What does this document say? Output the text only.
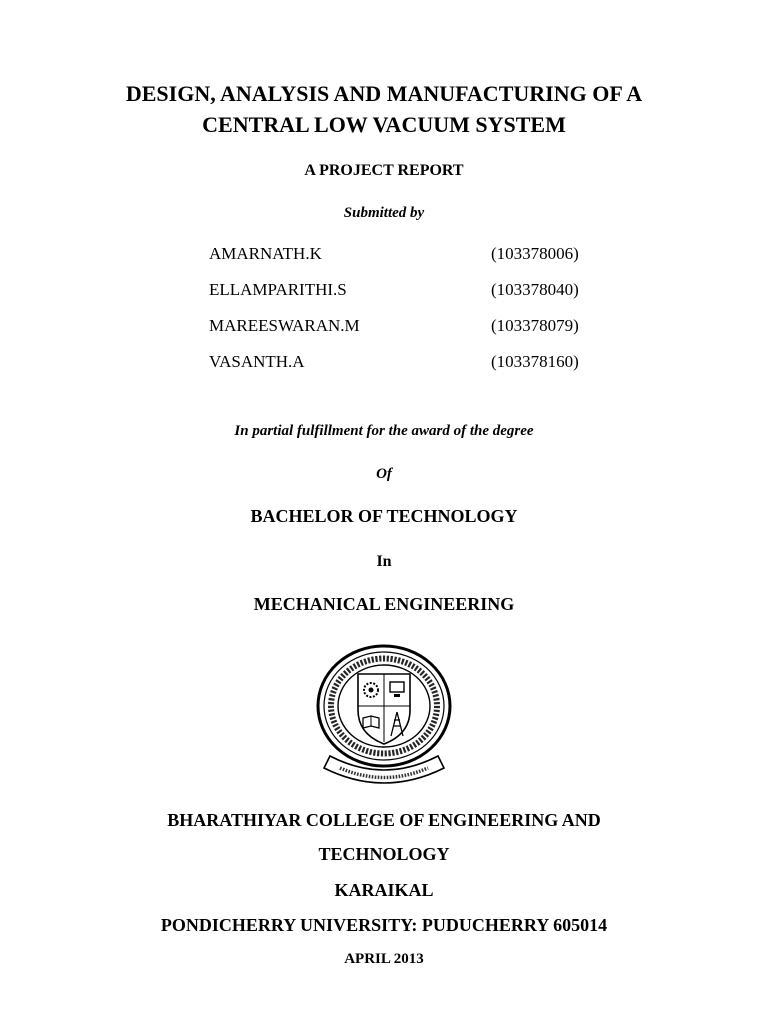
DESIGN, ANALYSIS AND MANUFACTURING OF A
CENTRAL LOW VACUUM SYSTEM
A PROJECT REPORT
Submitted by
AMARNATH.K	(103378006)
ELLAMPARITHI.S	(103378040)
MAREESWARAN.M	(103378079)
VASANTH.A	(103378160)
In partial fulfillment for the award of the degree
Of
BACHELOR OF TECHNOLOGY
In
MECHANICAL ENGINEERING
BHARATHIYAR COLLEGE OF ENGINEERING AND
TECHNOLOGY
KARAIKAL
PONDICHERRY UNIVERSITY: PUDUCHERRY 605014
APRIL 2013
